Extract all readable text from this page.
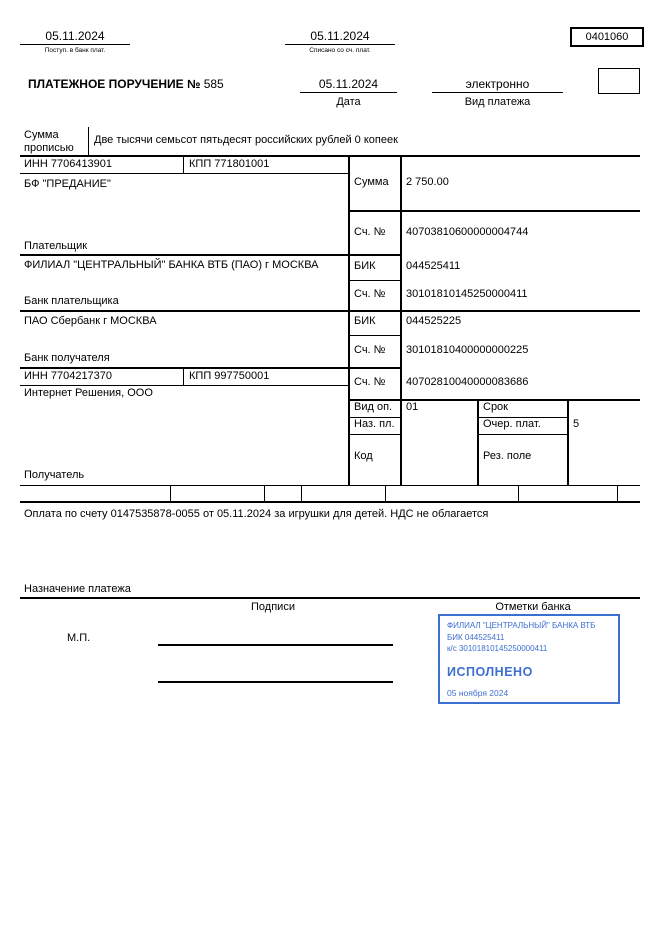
05.11.2024
Поступ. в банк плат.
05.11.2024
Списано со сч. плат.
0401060
ПЛАТЕЖНОЕ ПОРУЧЕНИЕ № 585	05.11.2024
Дата
электронно
Вид платежа
Сумма
прописью
Две тысячи семьсот пятьдесят российских рублей 0 копеек
ИНН 7706413901	КПП 771801001
БФ "ПРЕДАНИЕ"
Плательщик
ФИЛИАЛ "ЦЕНТРАЛЬНЫЙ" БАНКА ВТБ (ПАО) г МОСКВА
Банк плательщика
ПАО Сбербанк г МОСКВА
Банк получателя
ИНН 7704217370	КПП 997750001
Интернет Решения, ООО
Получатель
Сумма 2 750.00
Сч. № 40703810600000004744
БИК	044525411
Сч. № 30101810145250000411
БИК	044525225
Сч. № 30101810400000000225
Сч. № 40702810040000083686
Вид оп. 01	Срок
Наз. пл.	Очер. плат.	5
Код	Рез. поле
Оплата по счету 0147535878-0055 от 05.11.2024 за игрушки для детей. НДС не облагается
Назначение платежа
Подписи	Отметки банка
М.П.
ФИЛИАЛ "ЦЕНТРАЛЬНЫЙ" БАНКА ВТБ
БИК 044525411
к/с 30101810145250000411
ИСПОЛНЕНО
05 ноября 2024
